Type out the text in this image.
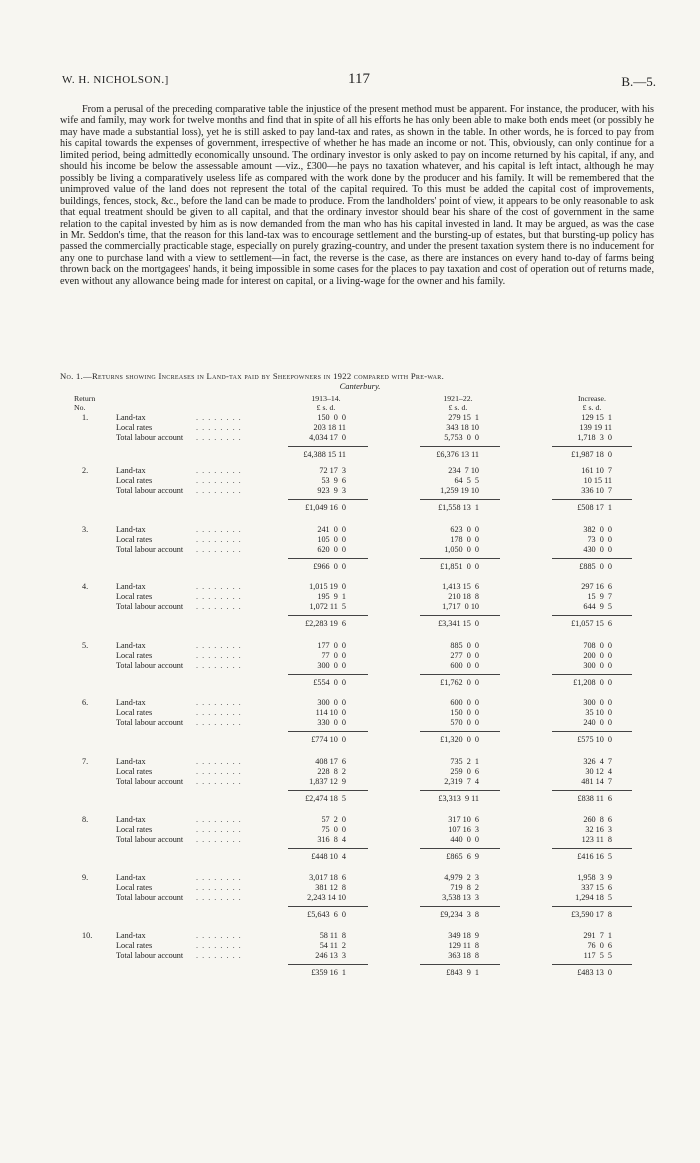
W. H. NICHOLSON.]	117	B.—5.

From a perusal of the preceding comparative table the injustice of the present method must be apparent. For instance, the producer, with his wife and family, may work for twelve months and find that in spite of all his efforts he has only been able to make both ends meet (or possibly he may have made a substantial loss), yet he is still asked to pay land-tax and rates, as shown in the table. In other words, he is forced to pay from his capital towards the expenses of government, irrespective of whether he has made an income or not. This, obviously, can only continue for a limited period, being admittedly economically unsound. The ordinary investor is only asked to pay on income returned by his capital, if any, and should his income be below the assessable amount —viz., £300—he pays no taxation whatever, and his capital is left intact, although he may possibly be living a comparatively useless life as compared with the work done by the producer and his family. It will be remembered that the unimproved value of the land does not represent the total of the capital required. To this must be added the capital cost of improvements, buildings, fences, stock, &c., before the land can be made to produce. From the landholders' point of view, it appears to be only reasonable to ask that equal treatment should be given to all capital, and that the ordinary investor should bear his share of the cost of government in the same relation to the capital invested by him as is now demanded from the man who has his capital invested in land. It may be argued, as was the case in Mr. Seddon's time, that the reason for this land-tax was to encourage settlement and the bursting-up of estates, but that bursting-up policy has passed the commercially practicable stage, especially on purely grazing-country, and under the present taxation system there is no inducement for any one to purchase land with a view to settlement—in fact, the reverse is the case, as there are instances on every hand to-day of farms being thrown back on the mortgagees' hands, it being impossible in some cases for the places to pay taxation and cost of operation out of returns made, even without any allowance being made for interest on capital, or a living-wage for the owner and his family.

No. 1.—Returns showing Increases in Land-tax paid by Sheepowners in 1922 compared with Pre-war.
Canterbury.
Return
No.
1913–14.
£ s. d.
1921–22.
£ s. d.
Increase.
£ s. d.
1.	Land-tax	. . . . . . . .	150  0  0	279 15  1	129 15  1
Local rates	. . . . . . . .	203 18 11	343 18 10	139 19 11
Total labour account . . . . . . . .	4,034 17  0	5,753  0  0	1,718  3  0
£4,388 15 11	£6,376 13 11	£1,987 18  0
2.	Land-tax	. . . . . . . .	72 17  3	234  7 10	161 10  7
Local rates	. . . . . . . .	53  9  6	64  5  5	10 15 11
Total labour account . . . . . . . .	923  9  3	1,259 19 10	336 10  7
£1,049 16  0	£1,558 13  1	£508 17  1
3.	Land-tax	. . . . . . . .	241  0  0	623  0  0	382  0  0
Local rates	. . . . . . . .	105  0  0	178  0  0	73  0  0
Total labour account . . . . . . . .	620  0  0	1,050  0  0	430  0  0
£966  0  0	£1,851  0  0	£885  0  0
4.	Land-tax	. . . . . . . .	1,015 19  0	1,413 15  6	297 16  6
Local rates	. . . . . . . .	195  9  1	210 18  8	15  9  7
Total labour account . . . . . . . .	1,072 11  5	1,717  0 10	644  9  5
£2,283 19  6	£3,341 15  0	£1,057 15  6
5.	Land-tax	. . . . . . . .	177  0  0	885  0  0	708  0  0
Local rates	. . . . . . . .	77  0  0	277  0  0	200  0  0
Total labour account . . . . . . . .	300  0  0	600  0  0	300  0  0
£554  0  0	£1,762  0  0	£1,208  0  0
6.	Land-tax	. . . . . . . .	300  0  0	600  0  0	300  0  0
Local rates	. . . . . . . .	114 10  0	150  0  0	35 10  0
Total labour account . . . . . . . .	330  0  0	570  0  0	240  0  0
£774 10  0	£1,320  0  0	£575 10  0
7.	Land-tax	. . . . . . . .	408 17  6	735  2  1	326  4  7
Local rates	. . . . . . . .	228  8  2	259  0  6	30 12  4
Total labour account . . . . . . . .	1,837 12  9	2,319  7  4	481 14  7
£2,474 18  5	£3,313  9 11	£838 11  6
8.	Land-tax	. . . . . . . .	57  2  0	317 10  6	260  8  6
Local rates	. . . . . . . .	75  0  0	107 16  3	32 16  3
Total labour account . . . . . . . .	316  8  4	440  0  0	123 11  8
£448 10  4	£865  6  9	£416 16  5
9.	Land-tax	. . . . . . . .	3,017 18  6	4,979  2  3	1,958  3  9
Local rates	. . . . . . . .	381 12  8	719  8  2	337 15  6
Total labour account . . . . . . . .	2,243 14 10	3,538 13  3	1,294 18  5
£5,643  6  0	£9,234  3  8	£3,590 17  8
10.	Land-tax	. . . . . . . .	58 11  8	349 18  9	291  7  1
Local rates	. . . . . . . .	54 11  2	129 11  8	76  0  6
Total labour account . . . . . . . .	246 13  3	363 18  8	117  5  5
£359 16  1	£843  9  1	£483 13  0
